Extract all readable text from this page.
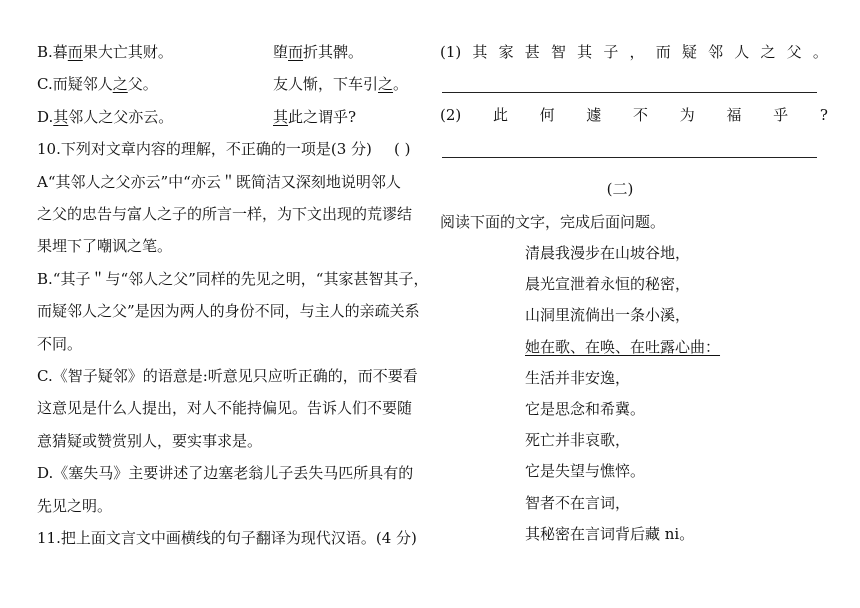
B.暮而果大亡其财。	堕而折其髀。
C.而疑邻人之父。	友人惭，下车引之。
D.其邻人之父亦云。	其此之谓乎?
10.下列对文章内容的理解，不正确的一项是(3 分) ( )
A“其邻人之父亦云”中“亦云＂既简洁又深刻地说明邻人
之父的忠告与富人之子的所言一样，为下文出现的荒谬结
果埋下了嘲讽之笔。
B.“其子＂与“邻人之父”同样的先见之明，“其家甚智其子，
而疑邻人之父”是因为两人的身份不同，与主人的亲疏关系
不同。
C.《智子疑邻》的语意是:听意见只应听正确的，而不要看
这意见是什么人提出，对人不能持偏见。告诉人们不要随
意猜疑或赞赏别人，要实事求是。
D.《塞失马》主要讲述了边塞老翁儿子丢失马匹所具有的
先见之明。
11.把上面文言文中画横线的句子翻译为现代汉语。(4 分)
(1) 其 家 甚 智 其 子 ， 而 疑 邻 人 之 父 。
(2) 此 何 遽 不 为 福 乎 ?
(二)
阅读下面的文字，完成后面问题。
清晨我漫步在山坡谷地，
晨光宣泄着永恒的秘密，
山洞里流倘出一条小溪，
她在歌、在唤、在吐露心曲：
生活并非安逸，
它是思念和希冀。
死亡并非哀歌，
它是失望与憔悴。
智者不在言词，
其秘密在言词背后藏 ni。
